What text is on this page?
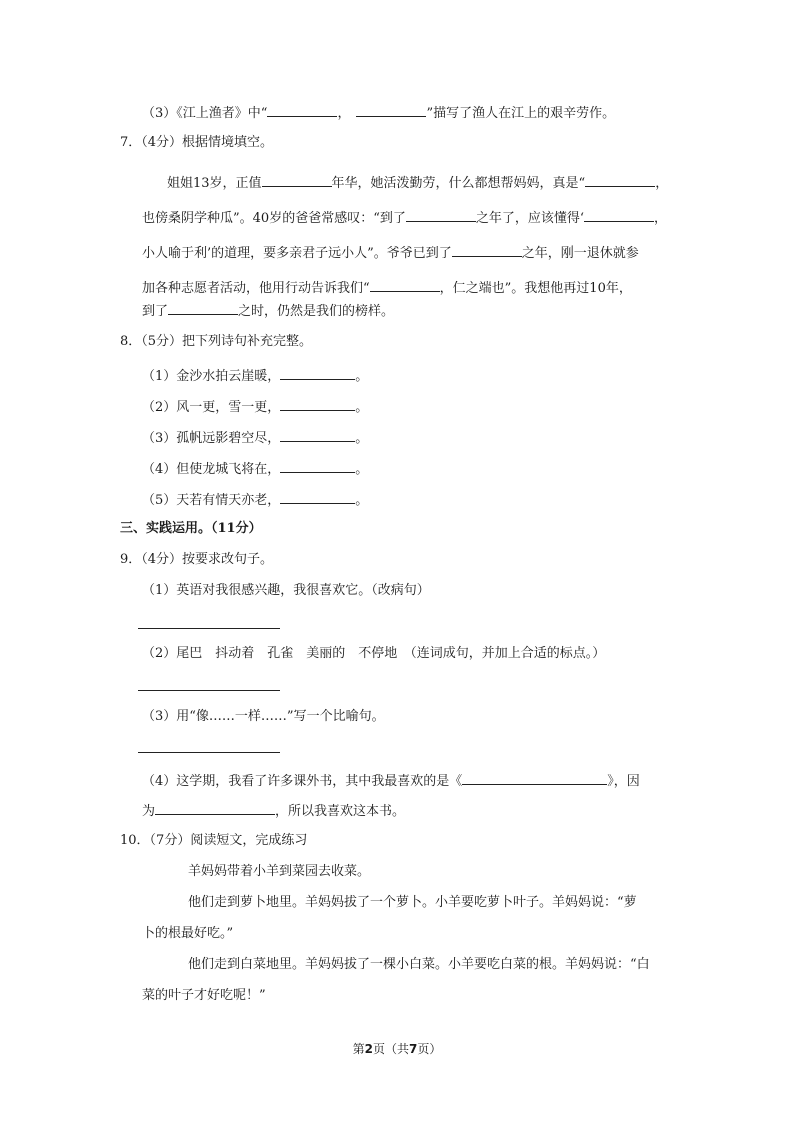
（3）《江上渔者》中“	，	”描写了渔人在江上的艰辛劳作。
7．（4分）根据情境填空。
姐姐13岁，正值	年华，她活泼勤劳，什么都想帮妈妈，真是“	，
也傍桑阴学种瓜”。40岁的爸爸常感叹：“到了	之年了，应该懂得‘	，
小人喻于利’的道理，要多亲君子远小人”。爷爷已到了	之年，刚一退休就参
加各种志愿者活动，他用行动告诉我们“	，仁之端也”。我想他再过10年，
到了	之时，仍然是我们的榜样。
8．（5分）把下列诗句补充完整。
（1）金沙水拍云崖暖，	。
（2）风一更，雪一更，	。
（3）孤帆远影碧空尽，	。
（4）但使龙城飞将在，	。
（5）天若有情天亦老，	。
三、实践运用。（11分）
9．（4分）按要求改句子。
（1）英语对我很感兴趣，我很喜欢它。（改病句）
（2）尾巴　抖动着　孔雀　美丽的　不停地　（连词成句，并加上合适的标点。）
（3）用“像……一样……”写一个比喻句。
（4）这学期，我看了许多课外书，其中我最喜欢的是《	》，因
为	，所以我喜欢这本书。
10．（7分）阅读短文，完成练习
羊妈妈带着小羊到菜园去收菜。
他们走到萝卜地里。羊妈妈拔了一个萝卜。小羊要吃萝卜叶子。羊妈妈说：“萝
卜的根最好吃。”
他们走到白菜地里。羊妈妈拔了一棵小白菜。小羊要吃白菜的根。羊妈妈说：“白
菜的叶子才好吃呢！”
第2页（共7页）
